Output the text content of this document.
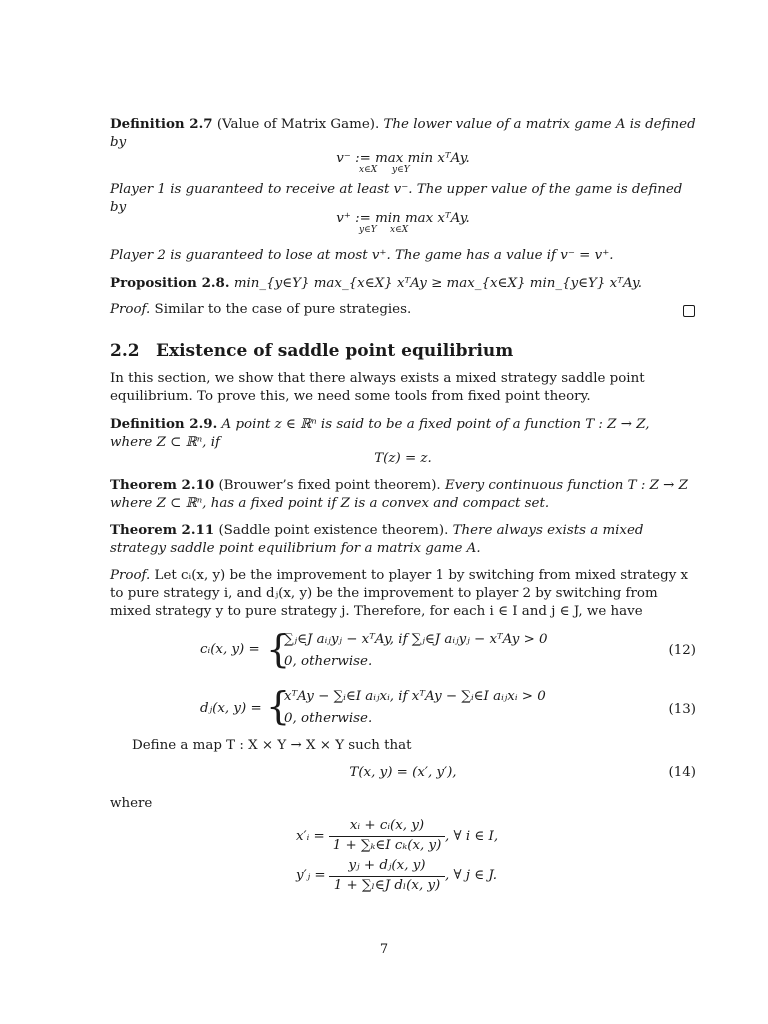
Definition 2.7 (Value of Matrix Game). The lower value of a matrix game A is defined by
v⁻ := max min xᵀAy.
x∈X y∈Y
Player 1 is guaranteed to receive at least v⁻. The upper value of the game is defined by
v⁺ := min max xᵀAy.
y∈Y x∈X
Player 2 is guaranteed to lose at most v⁺. The game has a value if v⁻ = v⁺.
Proposition 2.8. min_{y∈Y} max_{x∈X} xᵀAy ≥ max_{x∈X} min_{y∈Y} xᵀAy.
Proof. Similar to the case of pure strategies.
2.2 Existence of saddle point equilibrium
In this section, we show that there always exists a mixed strategy saddle point equilibrium. To prove this, we need some tools from fixed point theory.
Definition 2.9. A point z ∈ ℝⁿ is said to be a fixed point of a function T : Z → Z, where Z ⊂ ℝⁿ, if
T(z) = z.
Theorem 2.10 (Brouwer’s fixed point theorem). Every continuous function T : Z → Z where Z ⊂ ℝⁿ, has a fixed point if Z is a convex and compact set.
Theorem 2.11 (Saddle point existence theorem). There always exists a mixed strategy saddle point equilibrium for a matrix game A.
Proof. Let cᵢ(x, y) be the improvement to player 1 by switching from mixed strategy x to pure strategy i, and dⱼ(x, y) be the improvement to player 2 by switching from mixed strategy y to pure strategy j. Therefore, for each i ∈ I and j ∈ J, we have
cᵢ(x, y) = {
∑ⱼ∈J aᵢⱼyⱼ − xᵀAy, if ∑ⱼ∈J aᵢⱼyⱼ − xᵀAy > 0
0, otherwise.
(12)
dⱼ(x, y) = {
xᵀAy − ∑ᵢ∈I aᵢⱼxᵢ, if xᵀAy − ∑ᵢ∈I aᵢⱼxᵢ > 0
0, otherwise.
(13)
Define a map T : X × Y → X × Y such that
T(x, y) = (x′, y′),	(14)
where
x′ᵢ =
xᵢ + cᵢ(x, y)
1 + ∑ₖ∈I cₖ(x, y)
, ∀ i ∈ I,
y′ⱼ =
yⱼ + dⱼ(x, y)
1 + ∑ₗ∈J dₗ(x, y)
, ∀ j ∈ J.
7
